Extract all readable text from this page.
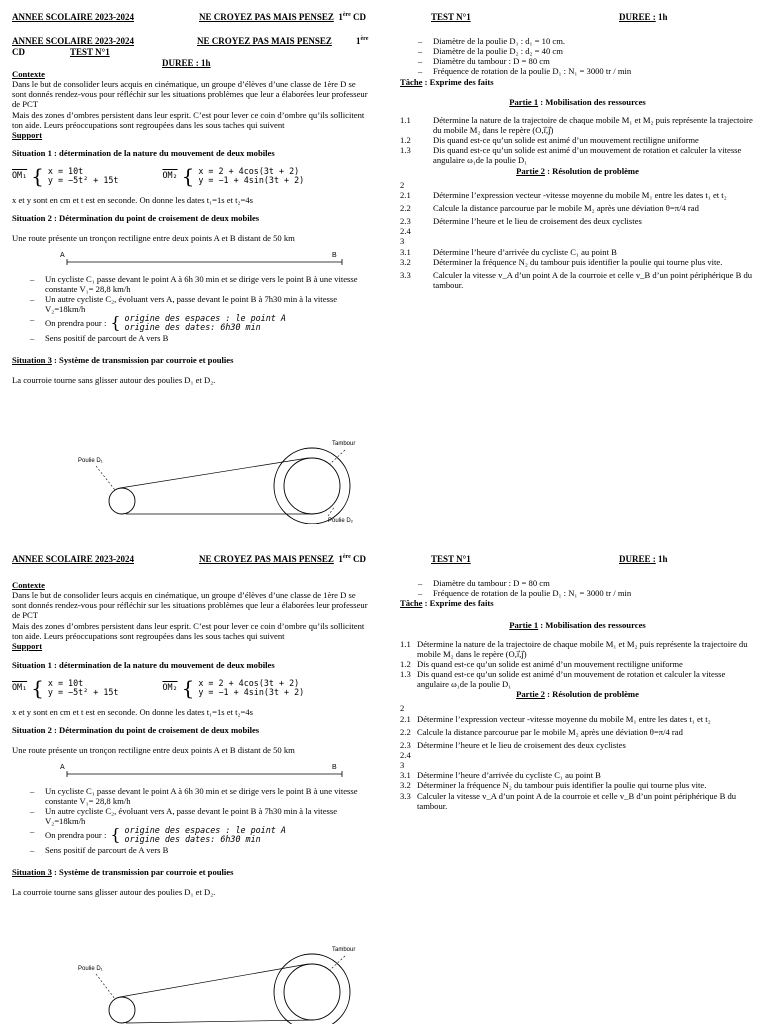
ANNEE SCOLAIRE 2023-2024	NE CROYEZ PAS MAIS PENSEZ 1ère CD	TEST N°1	DUREE : 1h
ANNEE SCOLAIRE 2023-2024	NE CROYEZ PAS MAIS PENSEZ	1ère
CD	TEST N°1
DUREE : 1h

Contexte

Dans le but de consolider leurs acquis en cinématique, un groupe d’élèves d’une classe de 1ère D se sont donnés rendez-vous pour réfléchir sur les situations problèmes que leur a élaborées leur professeur de PCT

Mais des zones d’ombres persistent dans leur esprit. C’est pour lever ce coin d’ombre qu’ils sollicitent ton aide. Leurs préoccupations sont regroupées dans les sous taches qui suivent

Support

Situation 1 : détermination de la nature du mouvement de deux mobiles

OM₁ { x = 10t
y = −5t² + 15t	OM₂ { x = 2 + 4cos(3t + 2)
y = −1 + 4sin(3t + 2)

x et y sont en cm et t est en seconde. On donne les dates t₁=1s et t₂=4s

Situation 2 : Détermination du point de croisement de deux mobiles

Une route présente un tronçon rectiligne entre deux points A et B distant de 50 km

A	B
– Un cycliste C₁ passe devant le point A à 6h 30 min et se dirige vers le point B à une vitesse constante V₁= 28,8 km/h
– Un autre cycliste C₂, évoluant vers A, passe devant le point B à 7h30 min à la vitesse V₂=18km/h
– On prendra pour : { origine des espaces : le point A
origine des dates: 6h30 min
– Sens positif de parcourt de A vers B

Situation 3 : Système de transmission par courroie et poulies

La courroie tourne sans glisser autour des poulies D₁ et D₂.

Poulie D₁
Tambour
Poulie D₂
– Diamètre de la poulie D₁ : d₁ = 10 cm.
– Diamètre de la poulie D₂ : d₂ = 40 cm
– Diamètre du tambour : D = 80 cm
– Fréquence de rotation de la poulie D₁ : N₁ = 3000 tr / min

Tâche : Exprime des faits

Partie 1 : Mobilisation des ressources

1.1	Détermine la nature de la trajectoire de chaque mobile M₁ et M₂ puis représente la trajectoire du mobile M₂ dans le repère (O,i⃗,j⃗)
1.2	Dis quand est-ce qu’un solide est animé d’un mouvement rectiligne uniforme
1.3	Dis quand est-ce qu’un solide est animé d’un mouvement de rotation et calculer la vitesse angulaire ω₁de la poulie D₁

Partie 2 : Résolution de problème

2

2.1	Détermine l’expression vecteur -vitesse moyenne du mobile M₁ entre les dates t₁ et t₂
2.2	Calcule la distance parcourue par le mobile M₂ après une déviation θ=π/4 rad
2.3	Détermine l’heure et le lieu de croisement des deux cyclistes
2.4

3

3.1	Détermine l’heure d’arrivée du cycliste C₁ au point B
3.2	Déterminer la fréquence N₂ du tambour puis identifier la poulie qui tourne plus vite.
3.3	Calculer la vitesse v_A d’un point A de la courroie et celle v_B d’un point périphérique B du tambour.
ANNEE SCOLAIRE 2023-2024	NE CROYEZ PAS MAIS PENSEZ 1ère CD	TEST N°1	DUREE : 1h

Contexte

Dans le but de consolider leurs acquis en cinématique, un groupe d’élèves d’une classe de 1ère D se sont donnés rendez-vous pour réfléchir sur les situations problèmes que leur a élaborées leur professeur de PCT

Mais des zones d’ombres persistent dans leur esprit. C’est pour lever ce coin d’ombre qu’ils sollicitent ton aide. Leurs préoccupations sont regroupées dans les sous taches qui suivent

Support

Situation 1 : détermination de la nature du mouvement de deux mobiles

OM₁ { x = 10t
y = −5t² + 15t	OM₂ { x = 2 + 4cos(3t + 2)
y = −1 + 4sin(3t + 2)

x et y sont en cm et t est en seconde. On donne les dates t₁=1s et t₂=4s

Situation 2 : Détermination du point de croisement de deux mobiles

Une route présente un tronçon rectiligne entre deux points A et B distant de 50 km

A	B
– Un cycliste C₁ passe devant le point A à 6h 30 min et se dirige vers le point B à une vitesse constante V₁= 28,8 km/h
– Un autre cycliste C₂, évoluant vers A, passe devant le point B à 7h30 min à la vitesse V₂=18km/h
– On prendra pour : { origine des espaces : le point A
origine des dates: 6h30 min
– Sens positif de parcourt de A vers B

Situation 3 : Système de transmission par courroie et poulies

La courroie tourne sans glisser autour des poulies D₁ et D₂.

Poulie D₁
Tambour
– Diamètre du tambour : D = 80 cm
– Fréquence de rotation de la poulie D₁ : N₁ = 3000 tr / min

Tâche : Exprime des faits

Partie 1 : Mobilisation des ressources

1.1 Détermine la nature de la trajectoire de chaque mobile M₁ et M₂ puis représente la trajectoire du mobile M₂ dans le repère (O,i⃗,j⃗)
1.2 Dis quand est-ce qu’un solide est animé d’un mouvement rectiligne uniforme
1.3 Dis quand est-ce qu’un solide est animé d’un mouvement de rotation et calculer la vitesse angulaire ω₁de la poulie D₁

Partie 2 : Résolution de problème

2

2.1 Détermine l’expression vecteur -vitesse moyenne du mobile M₁ entre les dates t₁ et t₂
2.2 Calcule la distance parcourue par le mobile M₂ après une déviation θ=π/4 rad
2.3 Détermine l’heure et le lieu de croisement des deux cyclistes
2.4

3

3.1 Détermine l’heure d’arrivée du cycliste C₁ au point B
3.2 Déterminer la fréquence N₂ du tambour puis identifier la poulie qui tourne plus vite.
3.3 Calculer la vitesse v_A d’un point A de la courroie et celle v_B d’un point périphérique B du tambour.
